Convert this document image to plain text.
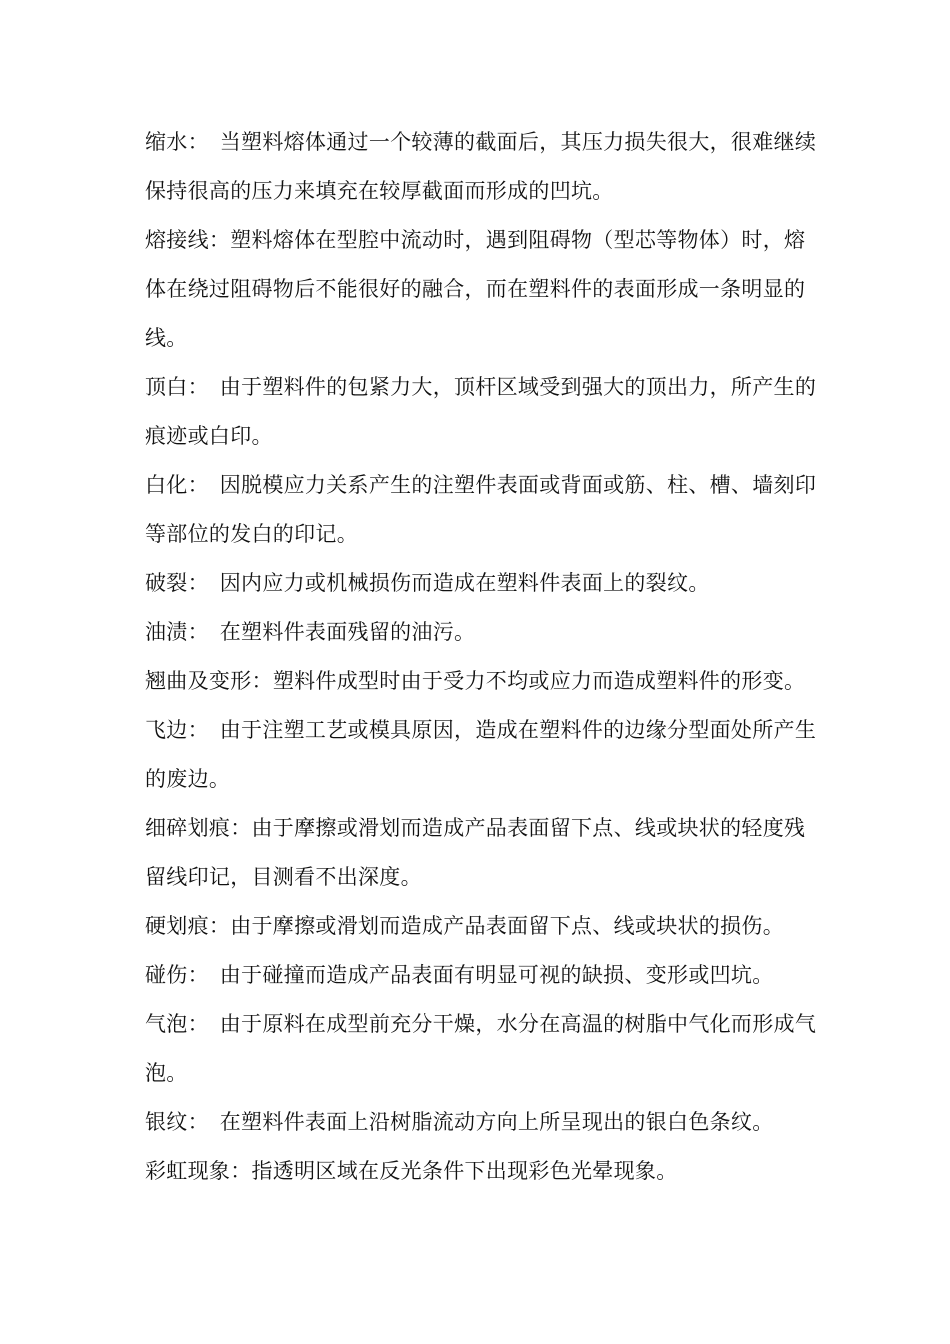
缩水：　 当塑料熔体通过一个较薄的截面后，其压力损失很大，很难继续保持很高的压力来填充在较厚截面而形成的凹坑。

熔接线：塑料熔体在型腔中流动时，遇到阻碍物（型芯等物体）时，熔体在绕过阻碍物后不能很好的融合，而在塑料件的表面形成一条明显的线。

顶白：　 由于塑料件的包紧力大，顶杆区域受到强大的顶出力，所产生的痕迹或白印。

白化：　 因脱模应力关系产生的注塑件表面或背面或筋、柱、槽、墙刻印等部位的发白的印记。

破裂：　 因内应力或机械损伤而造成在塑料件表面上的裂纹。

油渍：　 在塑料件表面残留的油污。

翘曲及变形：塑料件成型时由于受力不均或应力而造成塑料件的形变。

飞边：　 由于注塑工艺或模具原因，造成在塑料件的边缘分型面处所产生的废边。

细碎划痕：由于摩擦或滑划而造成产品表面留下点、线或块状的轻度残留线印记，目测看不出深度。

硬划痕：由于摩擦或滑划而造成产品表面留下点、线或块状的损伤。

碰伤：　 由于碰撞而造成产品表面有明显可视的缺损、变形或凹坑。

气泡：　 由于原料在成型前充分干燥，水分在高温的树脂中气化而形成气泡。

银纹：　 在塑料件表面上沿树脂流动方向上所呈现出的银白色条纹。

彩虹现象：指透明区域在反光条件下出现彩色光晕现象。
